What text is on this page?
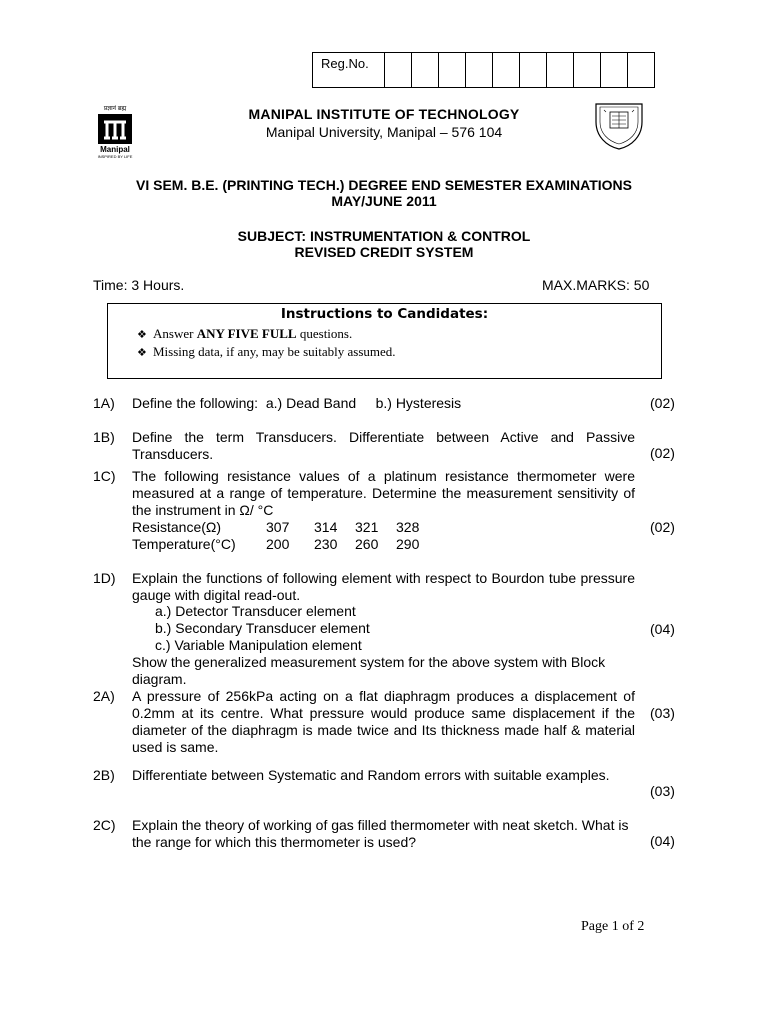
Reg.No.
प्रज्ञानं ब्रह्म
Manipal
INSPIRED BY LIFE
MANIPAL INSTITUTE OF TECHNOLOGY
Manipal University, Manipal – 576 104
VI SEM. B.E. (PRINTING TECH.) DEGREE END SEMESTER EXAMINATIONS
MAY/JUNE 2011
SUBJECT: INSTRUMENTATION & CONTROL
REVISED CREDIT SYSTEM
Time: 3 Hours.	MAX.MARKS: 50
Instructions to Candidates:
❖ Answer ANY FIVE FULL questions.
❖ Missing data, if any, may be suitably assumed.
1A) Define the following:  a.) Dead Band     b.) Hysteresis	(02)
1B) Define the term Transducers. Differentiate between Active and Passive Transducers.	(02)
1C) The following resistance values of a platinum resistance thermometer were measured at a range of temperature. Determine the measurement sensitivity of the instrument in Ω/ °C
Resistance(Ω)	307	314	321	328
Temperature(°C)	200	230	260	290
(02)
1D) Explain the functions of following element with respect to Bourdon tube pressure gauge with digital read-out.
a.) Detector Transducer element
b.) Secondary Transducer element
c.) Variable Manipulation element
Show the generalized measurement system for the above system with Block diagram.
(04)
2A) A pressure of 256kPa acting on a flat diaphragm produces a displacement of 0.2mm at its centre. What pressure would produce same displacement if the diameter of the diaphragm is made twice and Its thickness made half & material used is same.
(03)
2B) Differentiate between Systematic and Random errors with suitable examples.
(03)
2C) Explain the theory of working of gas filled thermometer with neat sketch. What is the range for which this thermometer is used?	(04)
Page 1 of 2
